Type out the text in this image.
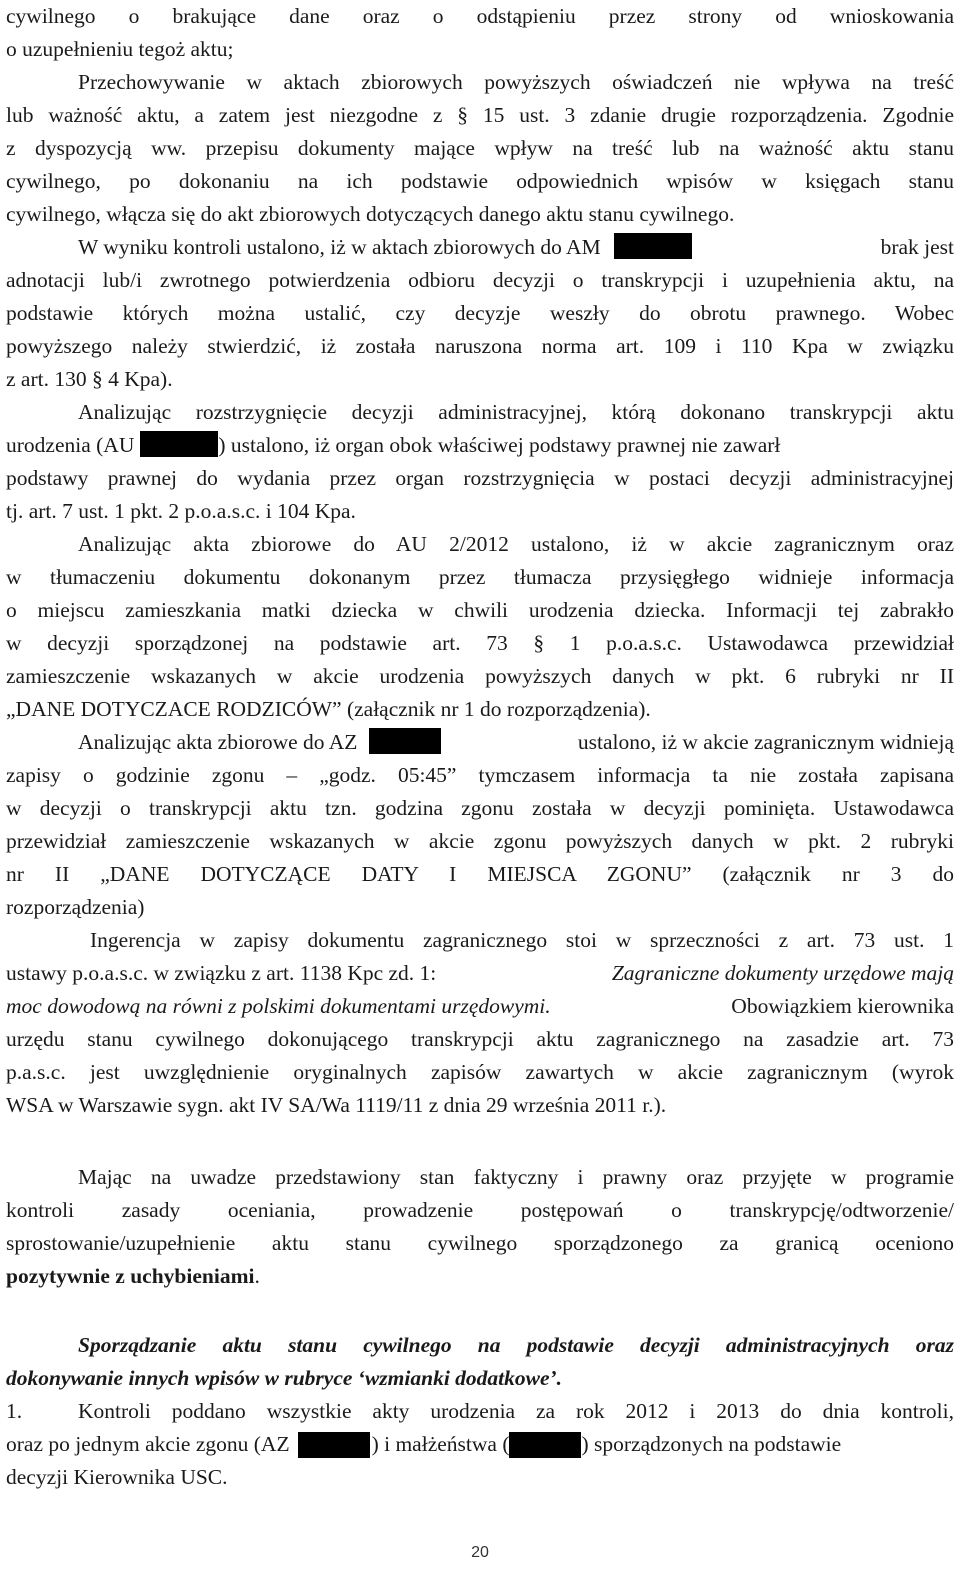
cywilnego o brakujące dane oraz o odstąpieniu przez strony od wnioskowania
o uzupełnieniu tegoż aktu;
Przechowywanie w aktach zbiorowych powyższych oświadczeń nie wpływa na treść
lub ważność aktu, a zatem jest niezgodne z § 15 ust. 3 zdanie drugie rozporządzenia. Zgodnie
z dyspozycją ww. przepisu dokumenty mające wpływ na treść lub na ważność aktu stanu
cywilnego, po dokonaniu na ich podstawie odpowiednich wpisów w księgach stanu
cywilnego, włącza się do akt zbiorowych dotyczących danego aktu stanu cywilnego.
W wyniku kontroli ustalono, iż w aktach zbiorowych do AM	brak jest
adnotacji lub/i zwrotnego potwierdzenia odbioru decyzji o transkrypcji i uzupełnienia aktu, na
podstawie których można ustalić, czy decyzje weszły do obrotu prawnego. Wobec
powyższego należy stwierdzić, iż została naruszona norma art. 109 i 110 Kpa w związku
z art. 130 § 4 Kpa).
Analizując rozstrzygnięcie decyzji administracyjnej, którą dokonano transkrypcji aktu
urodzenia (AU	) ustalono, iż organ obok właściwej podstawy prawnej nie zawarł
podstawy prawnej do wydania przez organ rozstrzygnięcia w postaci decyzji administracyjnej
tj. art. 7 ust. 1 pkt. 2 p.o.a.s.c. i 104 Kpa.
Analizując akta zbiorowe do AU 2/2012 ustalono, iż w akcie zagranicznym oraz
w tłumaczeniu dokumentu dokonanym przez tłumacza przysięgłego widnieje informacja
o miejscu zamieszkania matki dziecka w chwili urodzenia dziecka. Informacji tej zabrakło
w decyzji sporządzonej na podstawie art. 73 § 1 p.o.a.s.c. Ustawodawca przewidział
zamieszczenie wskazanych w akcie urodzenia powyższych danych w pkt. 6 rubryki nr II
„DANE DOTYCZACE RODZICÓW” (załącznik nr 1 do rozporządzenia).
Analizując akta zbiorowe do AZ	ustalono, iż w akcie zagranicznym widnieją
zapisy o godzinie zgonu – „godz. 05:45” tymczasem informacja ta nie została zapisana
w decyzji o transkrypcji aktu tzn. godzina zgonu została w decyzji pominięta. Ustawodawca
przewidział zamieszczenie wskazanych w akcie zgonu powyższych danych w pkt. 2 rubryki
nr II „DANE DOTYCZĄCE DATY I MIEJSCA ZGONU” (załącznik nr 3 do
rozporządzenia)
Ingerencja w zapisy dokumentu zagranicznego stoi w sprzeczności z art. 73 ust. 1
ustawy p.o.a.s.c. w związku z art. 1138 Kpc zd. 1:	Zagraniczne dokumenty urzędowe mają
moc dowodową na równi z polskimi dokumentami urzędowymi.	Obowiązkiem kierownika
urzędu stanu cywilnego dokonującego transkrypcji aktu zagranicznego na zasadzie art. 73
p.a.s.c. jest uwzględnienie oryginalnych zapisów zawartych w akcie zagranicznym (wyrok
WSA w Warszawie sygn. akt IV SA/Wa 1119/11 z dnia 29 września 2011 r.).
Mając na uwadze przedstawiony stan faktyczny i prawny oraz przyjęte w programie
kontroli zasady oceniania, prowadzenie postępowań o transkrypcję/odtworzenie/
sprostowanie/uzupełnienie aktu stanu cywilnego sporządzonego za granicą oceniono
pozytywnie z uchybieniami.
Sporządzanie aktu stanu cywilnego na podstawie decyzji administracyjnych oraz
dokonywanie innych wpisów w rubryce ‘wzmianki dodatkowe’.
1.	Kontroli poddano wszystkie akty urodzenia za rok 2012 i 2013 do dnia kontroli,
oraz po jednym akcie zgonu (AZ	) i małżeństwa (	) sporządzonych na podstawie
decyzji Kierownika USC.
20
